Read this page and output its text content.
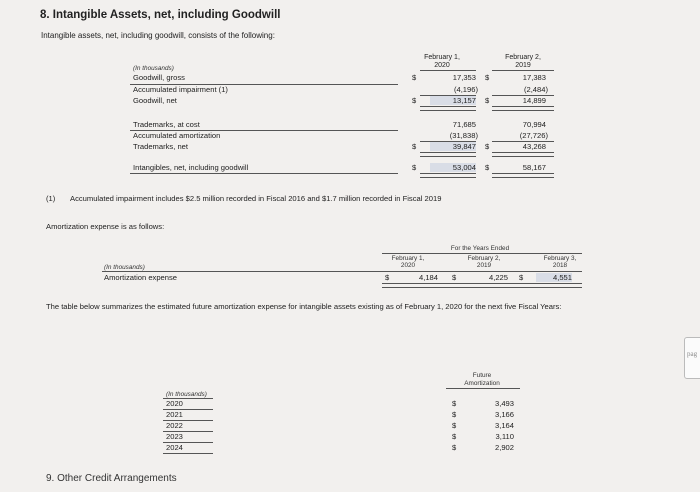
8. Intangible Assets, net, including Goodwill
Intangible assets, net, including goodwill, consists of the following:
February 1,
2020
February 2,
2019
(In thousands)
Goodwill, gross	$	17,353 $	17,383
Accumulated impairment (1)	(4,196)	(2,484)
Goodwill, net	$	13,157 $	14,899
Trademarks, at cost	71,685	70,994
Accumulated amortization	(31,838)	(27,726)
Trademarks, net	$	39,847 $	43,268
Intangibles, net, including goodwill	$	53,004 $	58,167
(1) Accumulated impairment includes $2.5 million recorded in Fiscal 2016 and $1.7 million recorded in Fiscal 2019
Amortization expense is as follows:
For the Years Ended
February 1,
2020
February 2,
2019
February 3,
2018
(In thousands)
Amortization expense	$	4,184 $	4,225 $	4,551
The table below summarizes the estimated future amortization expense for intangible assets existing as of February 1, 2020 for the next five Fiscal Years:
Future
Amortization
(In thousands)
2020	$	3,493
2021	$	3,166
2022	$	3,164
2023	$	3,110
2024	$	2,902
9. Other Credit Arrangements
pag
